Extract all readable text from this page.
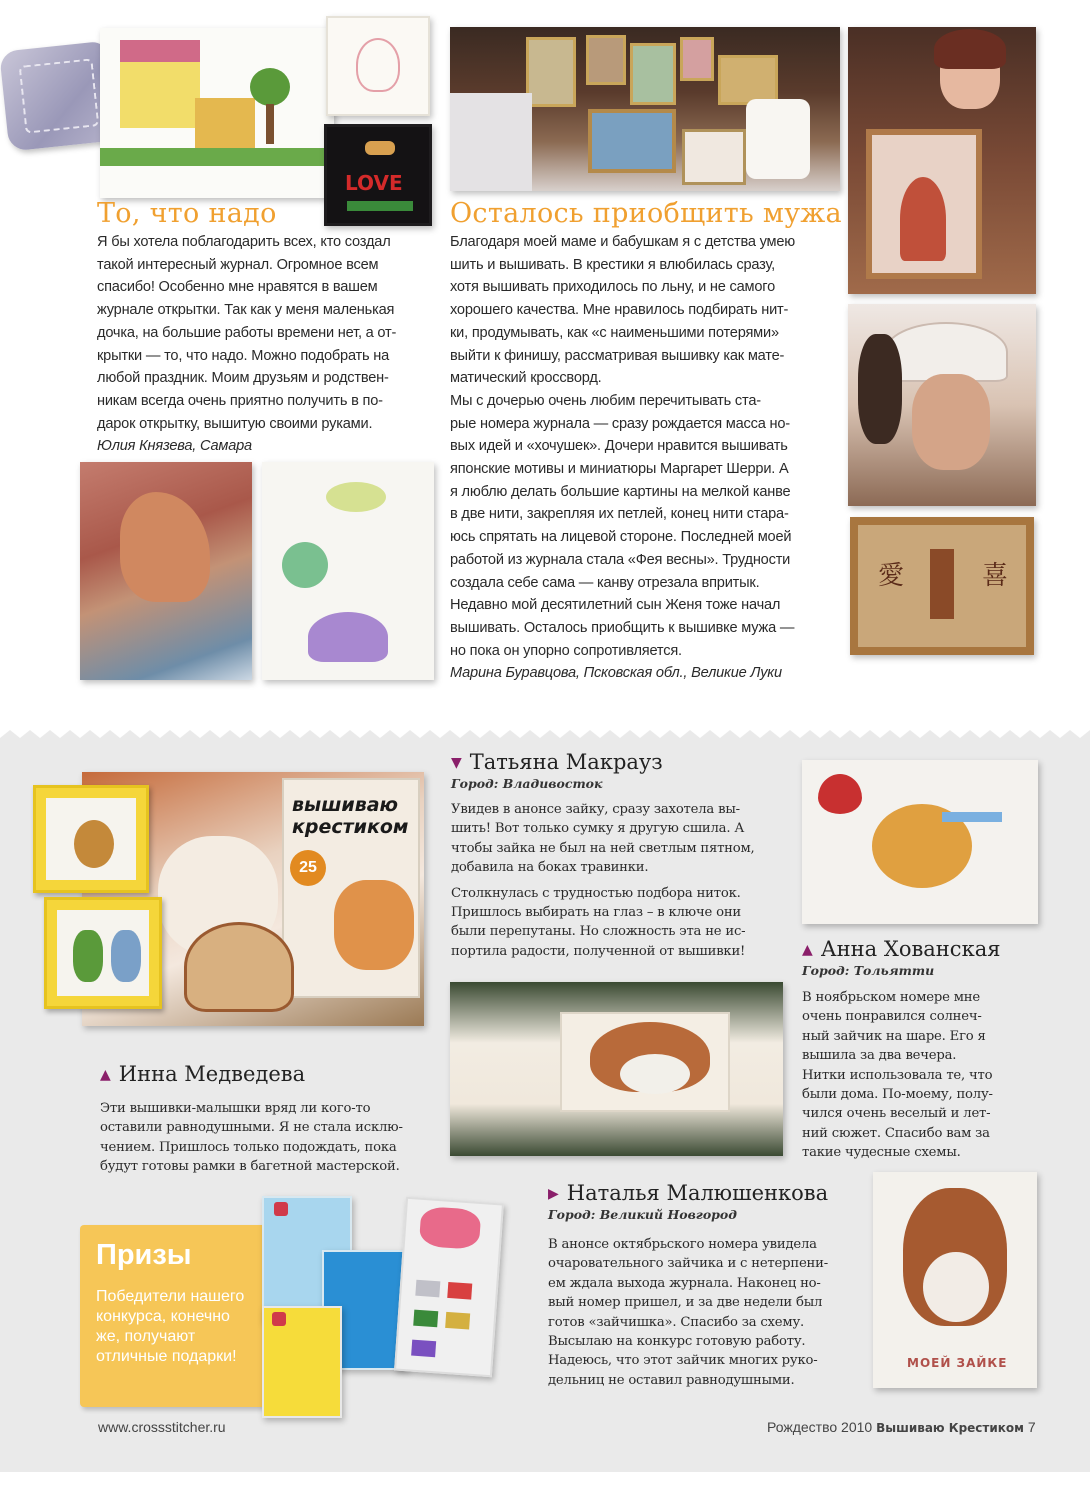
LOVE
愛	喜
То, что надо
Я бы хотела поблагодарить всех, кто создал
такой интересный журнал. Огромное всем
спасибо! Особенно мне нравятся в вашем
журнале открытки. Так как у меня маленькая
дочка, на большие работы времени нет, а от-
крытки — то, что надо. Можно подобрать на
любой праздник. Моим друзьям и родствен-
никам всегда очень приятно получить в по-
дарок открытку, вышитую своими руками.
Юлия Князева, Самара
Осталось приобщить мужа
Благодаря моей маме и бабушкам я с детства умею
шить и вышивать. В крестики я влюбилась сразу,
хотя вышивать приходилось по льну, и не самого
хорошего качества. Мне нравилось подбирать нит-
ки, продумывать, как «с наименьшими потерями»
выйти к финишу, рассматривая вышивку как мате-
матический кроссворд.
Мы с дочерью очень любим перечитывать ста-
рые номера журнала — сразу рождается масса но-
вых идей и «хочушек». Дочери нравится вышивать
японские мотивы и миниатюры Маргарет Шерри. А
я люблю делать большие картины на мелкой канве
в две нити, закрепляя их петлей, конец нити стара-
юсь спрятать на лицевой стороне. Последней моей
работой из журнала стала «Фея весны». Трудности
создала себе сама — канву отрезала впритык.
Недавно мой десятилетний сын Женя тоже начал
вышивать. Осталось приобщить к вышивке мужа —
но пока он упорно сопротивляется.
Марина Буравцова, Псковская обл., Великие Луки
вышиваю
крестиком
25
▼ Татьяна Макрауз
Город: Владивосток
Увидев в анонсе зайку, сразу захотела вы-
шить! Вот только сумку я другую сшила. А
чтобы зайка не был на ней светлым пятном,
добавила на боках травинки.
Столкнулась с трудностью подбора ниток.
Пришлось выбирать на глаз – в ключе они
были перепутаны. Но сложность эта не ис-
портила радости, полученной от вышивки!	▲ Анна Хованская
Город: Тольятти
В ноябрьском номере мне
очень понравился солнеч-
ный зайчик на шаре. Его я
вышила за два вечера.
Нитки использовала те, что
были дома. По-моему, полу-
чился очень веселый и лет-
ний сюжет. Спасибо вам за
такие чудесные схемы.
▲ Инна Медведева
Эти вышивки-малышки вряд ли кого-то
оставили равнодушными. Я не стала исклю-
чением. Пришлось только подождать, пока
будут готовы рамки в багетной мастерской.
▶ Наталья Малюшенкова
Город: Великий Новгород
В анонсе октябрьского номера увидела
очаровательного зайчика и с нетерпени-
ем ждала выхода журнала. Наконец но-
вый номер пришел, и за две недели был
готов «зайчишка». Спасибо за схему.
Высылаю на конкурс готовую работу.
Надеюсь, что этот зайчик многих руко-
дельниц не оставил равнодушными.
МОЕЙ ЗАЙКЕ
Призы
Победители нашего
конкурса, конечно
же, получают
отличные подарки!
www.crossstitcher.ru	Рождество 2010 Вышиваю Крестиком 7
